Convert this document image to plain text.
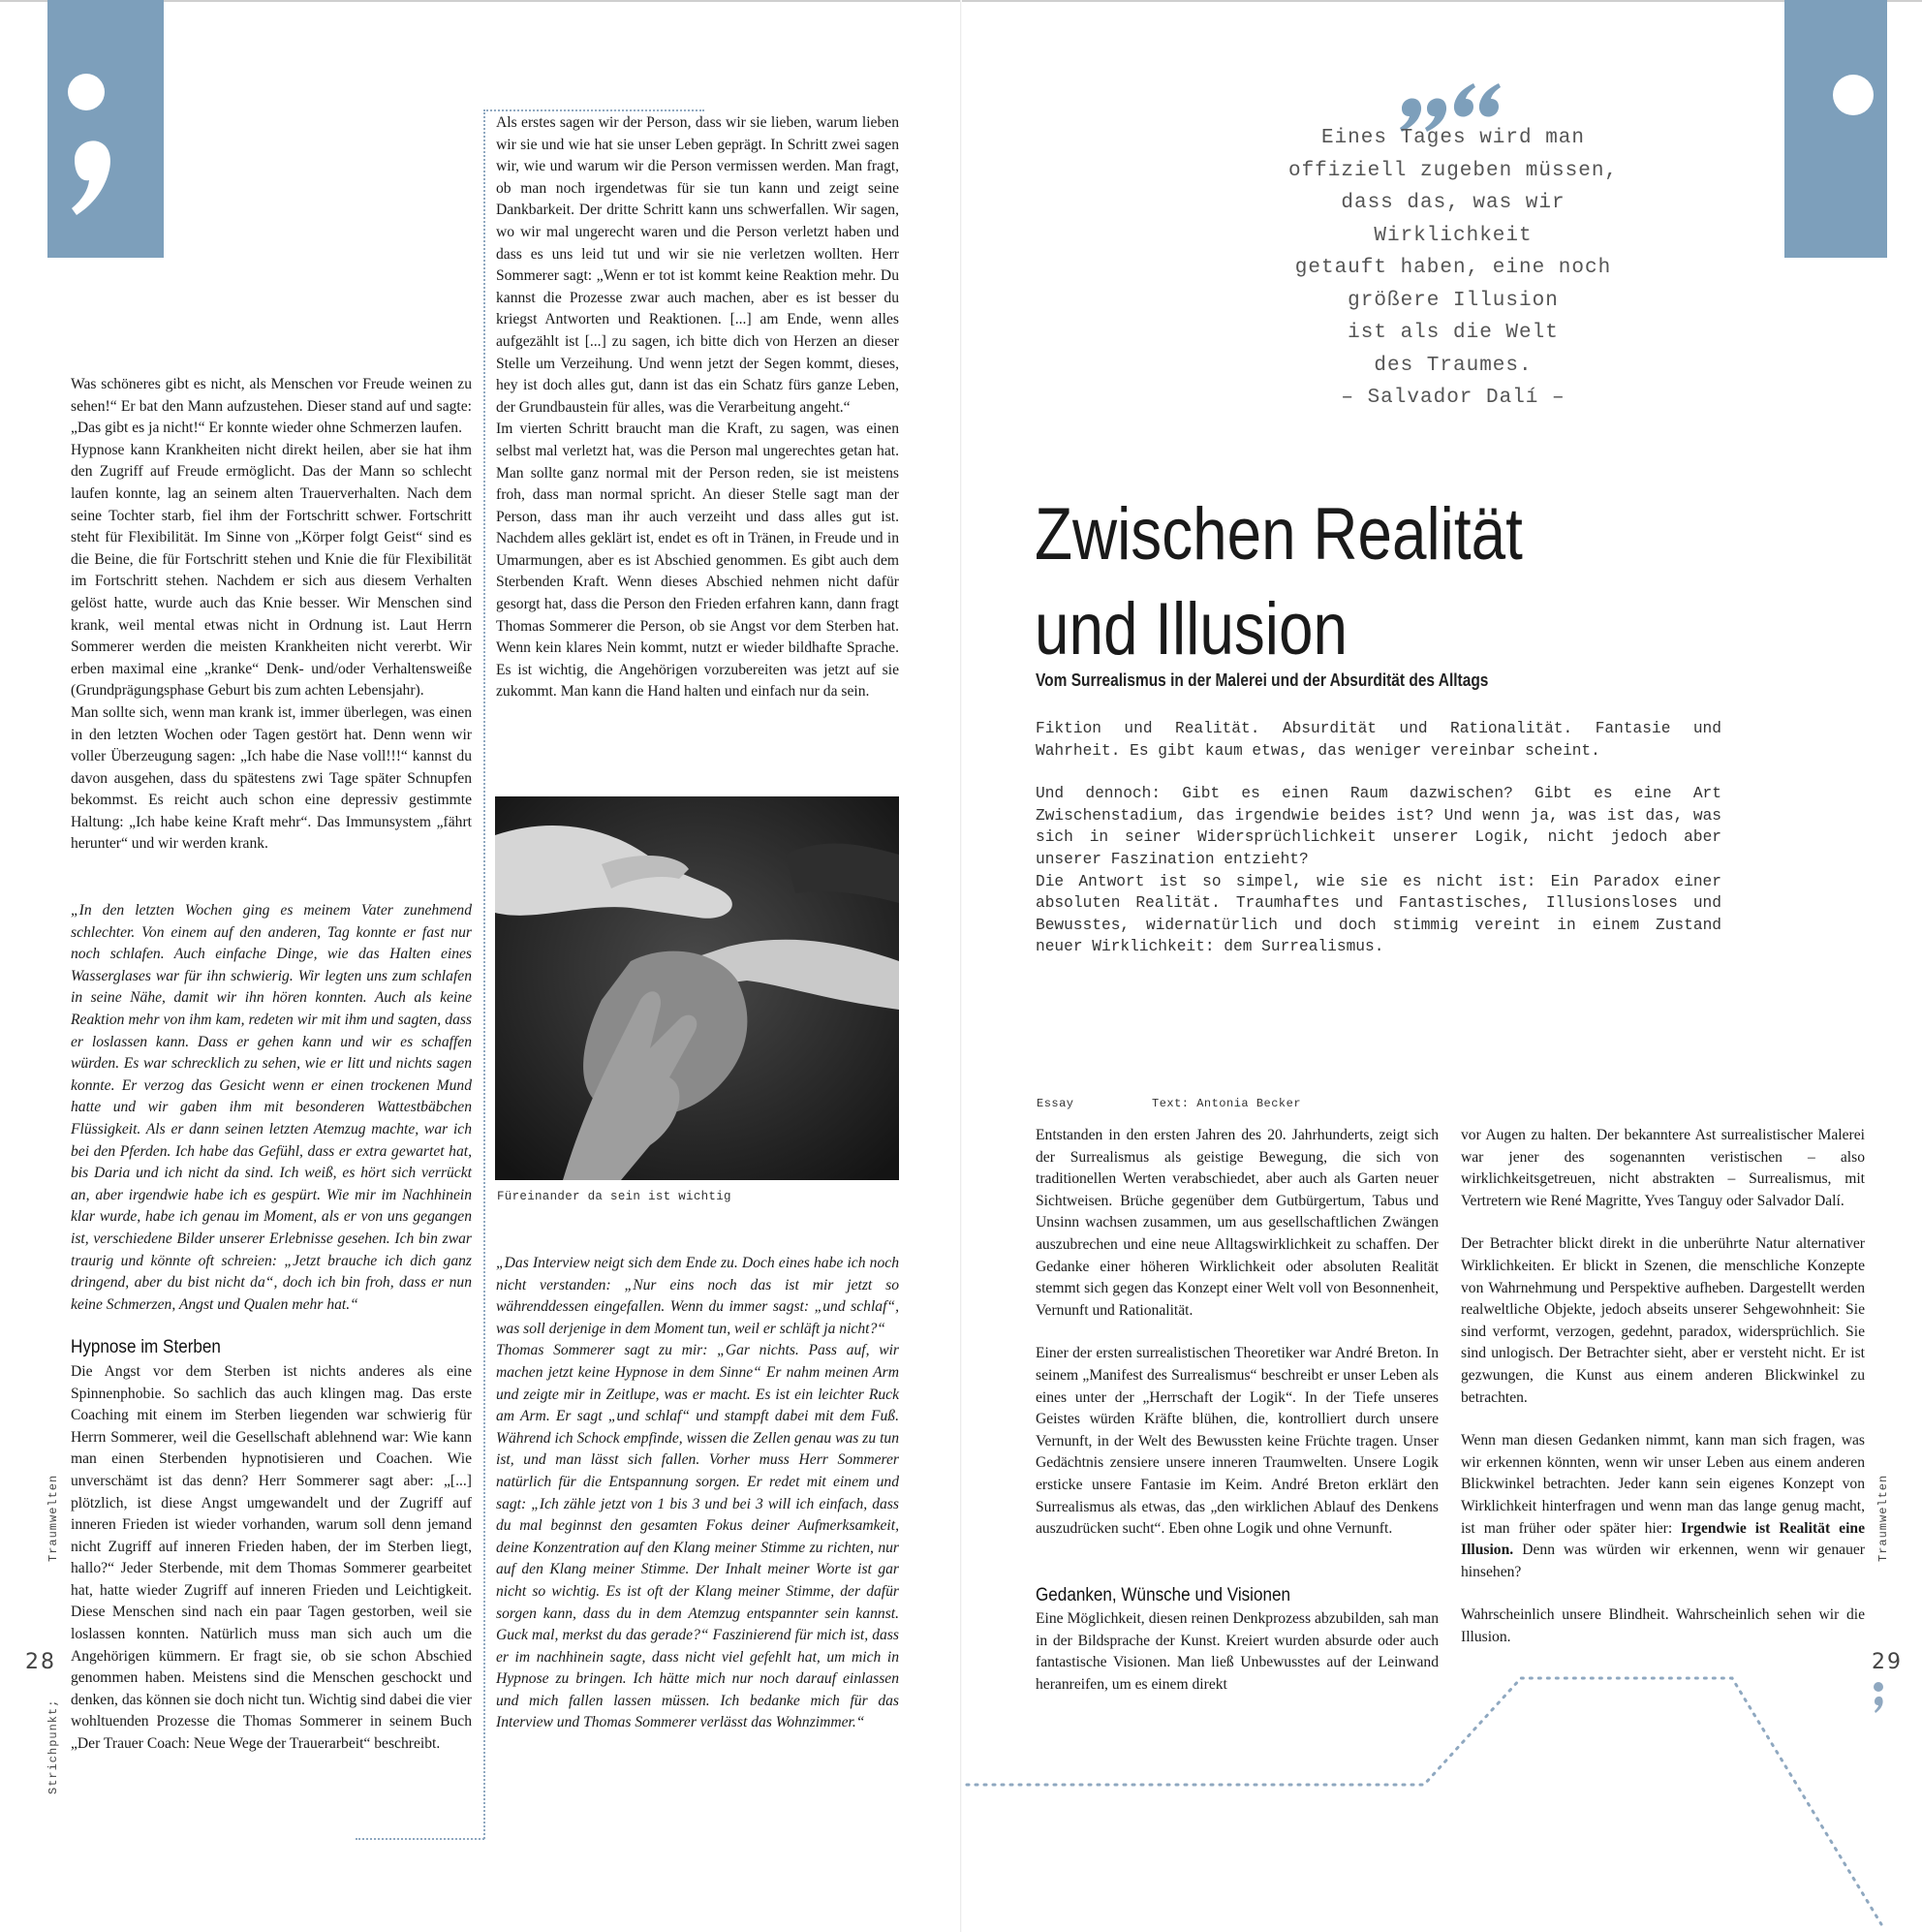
Was schöneres gibt es nicht, als Menschen vor Freude weinen zu sehen!“ Er bat den Mann aufzustehen. Dieser stand auf und sagte: „Das gibt es ja nicht!“ Er konnte wieder ohne Schmerzen laufen.

Hypnose kann Krankheiten nicht direkt heilen, aber sie hat ihm den Zugriff auf Freude ermöglicht. Das der Mann so schlecht laufen konnte, lag an seinem alten Trauerverhalten. Nach dem seine Tochter starb, fiel ihm der Fortschritt schwer. Fortschritt steht für Flexibilität. Im Sinne von „Körper folgt Geist“ sind es die Beine, die für Fortschritt stehen und Knie die für Flexibilität im Fortschritt stehen. Nachdem er sich aus diesem Verhalten gelöst hatte, wurde auch das Knie besser. Wir Menschen sind krank, weil mental etwas nicht in Ordnung ist. Laut Herrn Sommerer werden die meisten Krankheiten nicht vererbt. Wir erben maximal eine „kranke“ Denk- und/oder Verhaltensweiße (Grundprägungsphase Geburt bis zum achten Lebensjahr).

Man sollte sich, wenn man krank ist, immer überlegen, was einen in den letzten Wochen oder Tagen gestört hat. Denn wenn wir voller Überzeugung sagen: „Ich habe die Nase voll!!!“ kannst du davon ausgehen, dass du spätestens zwi Tage später Schnupfen bekommst. Es reicht auch schon eine depressiv gestimmte Haltung: „Ich habe keine Kraft mehr“. Das Immunsystem „fährt herunter“ und wir werden krank.

„In den letzten Wochen ging es meinem Vater zunehmend schlechter. Von einem auf den anderen, Tag konnte er fast nur noch schlafen. Auch einfache Dinge, wie das Halten eines Wasserglases war für ihn schwierig. Wir legten uns zum schlafen in seine Nähe, damit wir ihn hören konnten. Auch als keine Reaktion mehr von ihm kam, redeten wir mit ihm und sagten, dass er loslassen kann. Dass er gehen kann und wir es schaffen würden. Es war schrecklich zu sehen, wie er litt und nichts sagen konnte. Er verzog das Gesicht wenn er einen trockenen Mund hatte und wir gaben ihm mit besonderen Wattestbäbchen Flüssigkeit. Als er dann seinen letzten Atemzug machte, war ich bei den Pferden. Ich habe das Gefühl, dass er extra gewartet hat, bis Daria und ich nicht da sind. Ich weiß, es hört sich verrückt an, aber irgendwie habe ich es gespürt. Wie mir im Nachhinein klar wurde, habe ich genau im Moment, als er von uns gegangen ist, verschiedene Bilder unserer Erlebnisse gesehen. Ich bin zwar traurig und könnte oft schreien: „Jetzt brauche ich dich ganz dringend, aber du bist nicht da“, doch ich bin froh, dass er nun keine Schmerzen, Angst und Qualen mehr hat.“

Hypnose im Sterben

Die Angst vor dem Sterben ist nichts anderes als eine Spinnenphobie. So sachlich das auch klingen mag. Das erste Coaching mit einem im Sterben liegenden war schwierig für Herrn Sommerer, weil die Gesellschaft ablehnend war: Wie kann man einen Sterbenden hypnotisieren und Coachen. Wie unverschämt ist das denn? Herr Sommerer sagt aber: „[...] plötzlich, ist diese Angst umgewandelt und der Zugriff auf inneren Frieden ist wieder vorhanden, warum soll denn jemand nicht Zugriff auf inneren Frieden haben, der im Sterben liegt, hallo?“ Jeder Sterbende, mit dem Thomas Sommerer gearbeitet hat, hatte wieder Zugriff auf inneren Frieden und Leichtigkeit. Diese Menschen sind nach ein paar Tagen gestorben, weil sie loslassen konnten. Natürlich muss man sich auch um die Angehörigen kümmern. Er fragt sie, ob sie schon Abschied genommen haben. Meistens sind die Menschen geschockt und denken, das können sie doch nicht tun. Wichtig sind dabei die vier wohltuenden Prozesse die Thomas Sommerer in seinem Buch „Der Trauer Coach: Neue Wege der Trauerarbeit“ beschreibt.

Als erstes sagen wir der Person, dass wir sie lieben, warum lieben wir sie und wie hat sie unser Leben geprägt. In Schritt zwei sagen wir, wie und warum wir die Person vermissen werden. Man fragt, ob man noch irgendetwas für sie tun kann und zeigt seine Dankbarkeit. Der dritte Schritt kann uns schwerfallen. Wir sagen, wo wir mal ungerecht waren und die Person verletzt haben und dass es uns leid tut und wir sie nie verletzen wollten. Herr Sommerer sagt: „Wenn er tot ist kommt keine Reaktion mehr. Du kannst die Prozesse zwar auch machen, aber es ist besser du kriegst Antworten und Reaktionen. [...] am Ende, wenn alles aufgezählt ist [...] zu sagen, ich bitte dich von Herzen an dieser Stelle um Verzeihung. Und wenn jetzt der Segen kommt, dieses, hey ist doch alles gut, dann ist das ein Schatz fürs ganze Leben, der Grundbaustein für alles, was die Verarbeitung angeht.“

Im vierten Schritt braucht man die Kraft, zu sagen, was einen selbst mal verletzt hat, was die Person mal ungerechtes getan hat. Man sollte ganz normal mit der Person reden, sie ist meistens froh, dass man normal spricht. An dieser Stelle sagt man der Person, dass man ihr auch verzeiht und dass alles gut ist. Nachdem alles geklärt ist, endet es oft in Tränen, in Freude und in Umarmungen, aber es ist Abschied genommen. Es gibt auch dem Sterbenden Kraft. Wenn dieses Abschied nehmen nicht dafür gesorgt hat, dass die Person den Frieden erfahren kann, dann fragt Thomas Sommerer die Person, ob sie Angst vor dem Sterben hat. Wenn kein klares Nein kommt, nutzt er wieder bildhafte Sprache. Es ist wichtig, die Angehörigen vorzubereiten was jetzt auf sie zukommt. Man kann die Hand halten und einfach nur da sein.

Füreinander da sein ist wichtig

„Das Interview neigt sich dem Ende zu. Doch eines habe ich noch nicht verstanden: „Nur eins noch das ist mir jetzt so währenddessen eingefallen. Wenn du immer sagst: „und schlaf“, was soll derjenige in dem Moment tun, weil er schläft ja nicht?“

Thomas Sommerer sagt zu mir: „Gar nichts. Pass auf, wir machen jetzt keine Hypnose in dem Sinne“ Er nahm meinen Arm und zeigte mir in Zeitlupe, was er macht. Es ist ein leichter Ruck am Arm. Er sagt „und schlaf“ und stampft dabei mit dem Fuß. Während ich Schock empfinde, wissen die Zellen genau was zu tun ist, und man lässt sich fallen. Vorher muss Herr Sommerer natürlich für die Entspannung sorgen. Er redet mit einem und sagt: „Ich zähle jetzt von 1 bis 3 und bei 3 will ich einfach, dass du mal beginnst den gesamten Fokus deiner Aufmerksamkeit, deine Konzentration auf den Klang meiner Stimme zu richten, nur auf den Klang meiner Stimme. Der Inhalt meiner Worte ist gar nicht so wichtig. Es ist oft der Klang meiner Stimme, der dafür sorgen kann, dass du in dem Atemzug entspannter sein kannst. Guck mal, merkst du das gerade?“ Faszinierend für mich ist, dass er im nachhinein sagte, dass nicht viel gefehlt hat, um mich in Hypnose zu bringen. Ich hätte mich nur noch darauf einlassen und mich fallen lassen müssen. Ich bedanke mich für das Interview und Thomas Sommerer verlässt das Wohnzimmer.“

Traumwelten
Strichpunkt;
28
Eines Tages wird man
offiziell zugeben müssen,
dass das, was wir
Wirklichkeit
getauft haben, eine noch
größere Illusion
ist als die Welt
des Traumes.
– Salvador Dalí –
Zwischen Realität
und Illusion
Vom Surrealismus in der Malerei und der Absurdität des Alltags

Fiktion und Realität. Absurdität und Rationalität. Fantasie und Wahrheit. Es gibt kaum etwas, das weniger vereinbar scheint.

Und dennoch: Gibt es einen Raum dazwischen? Gibt es eine Art Zwischenstadium, das irgendwie beides ist? Und wenn ja, was ist das, was sich in seiner Widersprüchlichkeit unserer Logik, nicht jedoch aber unserer Faszination entzieht?

Die Antwort ist so simpel, wie sie es nicht ist: Ein Paradox einer absoluten Realität. Traumhaftes und Fantastisches, Illusionsloses und Bewusstes, widernatürlich und doch stimmig vereint in einem Zustand neuer Wirklichkeit: dem Surrealismus.

Essay	Text: Antonia Becker

Entstanden in den ersten Jahren des 20. Jahrhunderts, zeigt sich der Surrealismus als geistige Bewegung, die sich von traditionellen Werten verabschiedet, aber auch als Garten neuer Sichtweisen. Brüche gegenüber dem Gutbürgertum, Tabus und Unsinn wachsen zusammen, um aus gesellschaftlichen Zwängen auszubrechen und eine neue Alltagswirklichkeit zu schaffen. Der Gedanke einer höheren Wirklichkeit oder absoluten Realität stemmt sich gegen das Konzept einer Welt voll von Besonnenheit, Vernunft und Rationalität.

Einer der ersten surrealistischen Theoretiker war André Breton. In seinem „Manifest des Surrealismus“ beschreibt er unser Leben als eines unter der „Herrschaft der Logik“. In der Tiefe unseres Geistes würden Kräfte blühen, die, kontrolliert durch unsere Vernunft, in der Welt des Bewussten keine Früchte tragen. Unser Gedächtnis zensiere unsere inneren Traumwelten. Unsere Logik ersticke unsere Fantasie im Keim. André Breton erklärt den Surrealismus als etwas, das „den wirklichen Ablauf des Denkens auszudrücken sucht“. Eben ohne Logik und ohne Vernunft.

Gedanken, Wünsche und Visionen

Eine Möglichkeit, diesen reinen Denkprozess abzubilden, sah man in der Bildsprache der Kunst. Kreiert wurden absurde oder auch fantastische Visionen. Man ließ Unbewusstes auf der Leinwand heranreifen, um es einem direkt

vor Augen zu halten. Der bekanntere Ast surrealistischer Malerei war jener des sogenannten veristischen – also wirklichkeitsgetreuen, nicht abstrakten – Surrealismus, mit Vertretern wie René Magritte, Yves Tanguy oder Salvador Dalí.

Der Betrachter blickt direkt in die unberührte Natur alternativer Wirklichkeiten. Er blickt in Szenen, die menschliche Konzepte von Wahrnehmung und Perspektive aufheben. Dargestellt werden realweltliche Objekte, jedoch abseits unserer Sehgewohnheit: Sie sind verformt, verzogen, gedehnt, paradox, widersprüchlich. Sie sind unlogisch. Der Betrachter sieht, aber er versteht nicht. Er ist gezwungen, die Kunst aus einem anderen Blickwinkel zu betrachten.

Wenn man diesen Gedanken nimmt, kann man sich fragen, was wir erkennen könnten, wenn wir unser Leben aus einem anderen Blickwinkel betrachten. Jeder kann sein eigenes Konzept von Wirklichkeit hinterfragen und wenn man das lange genug macht, ist man früher oder später hier: Irgendwie ist Realität eine Illusion. Denn was würden wir erkennen, wenn wir genauer hinsehen?

Wahrscheinlich unsere Blindheit. Wahrscheinlich sehen wir die Illusion.

Traumwelten
29
